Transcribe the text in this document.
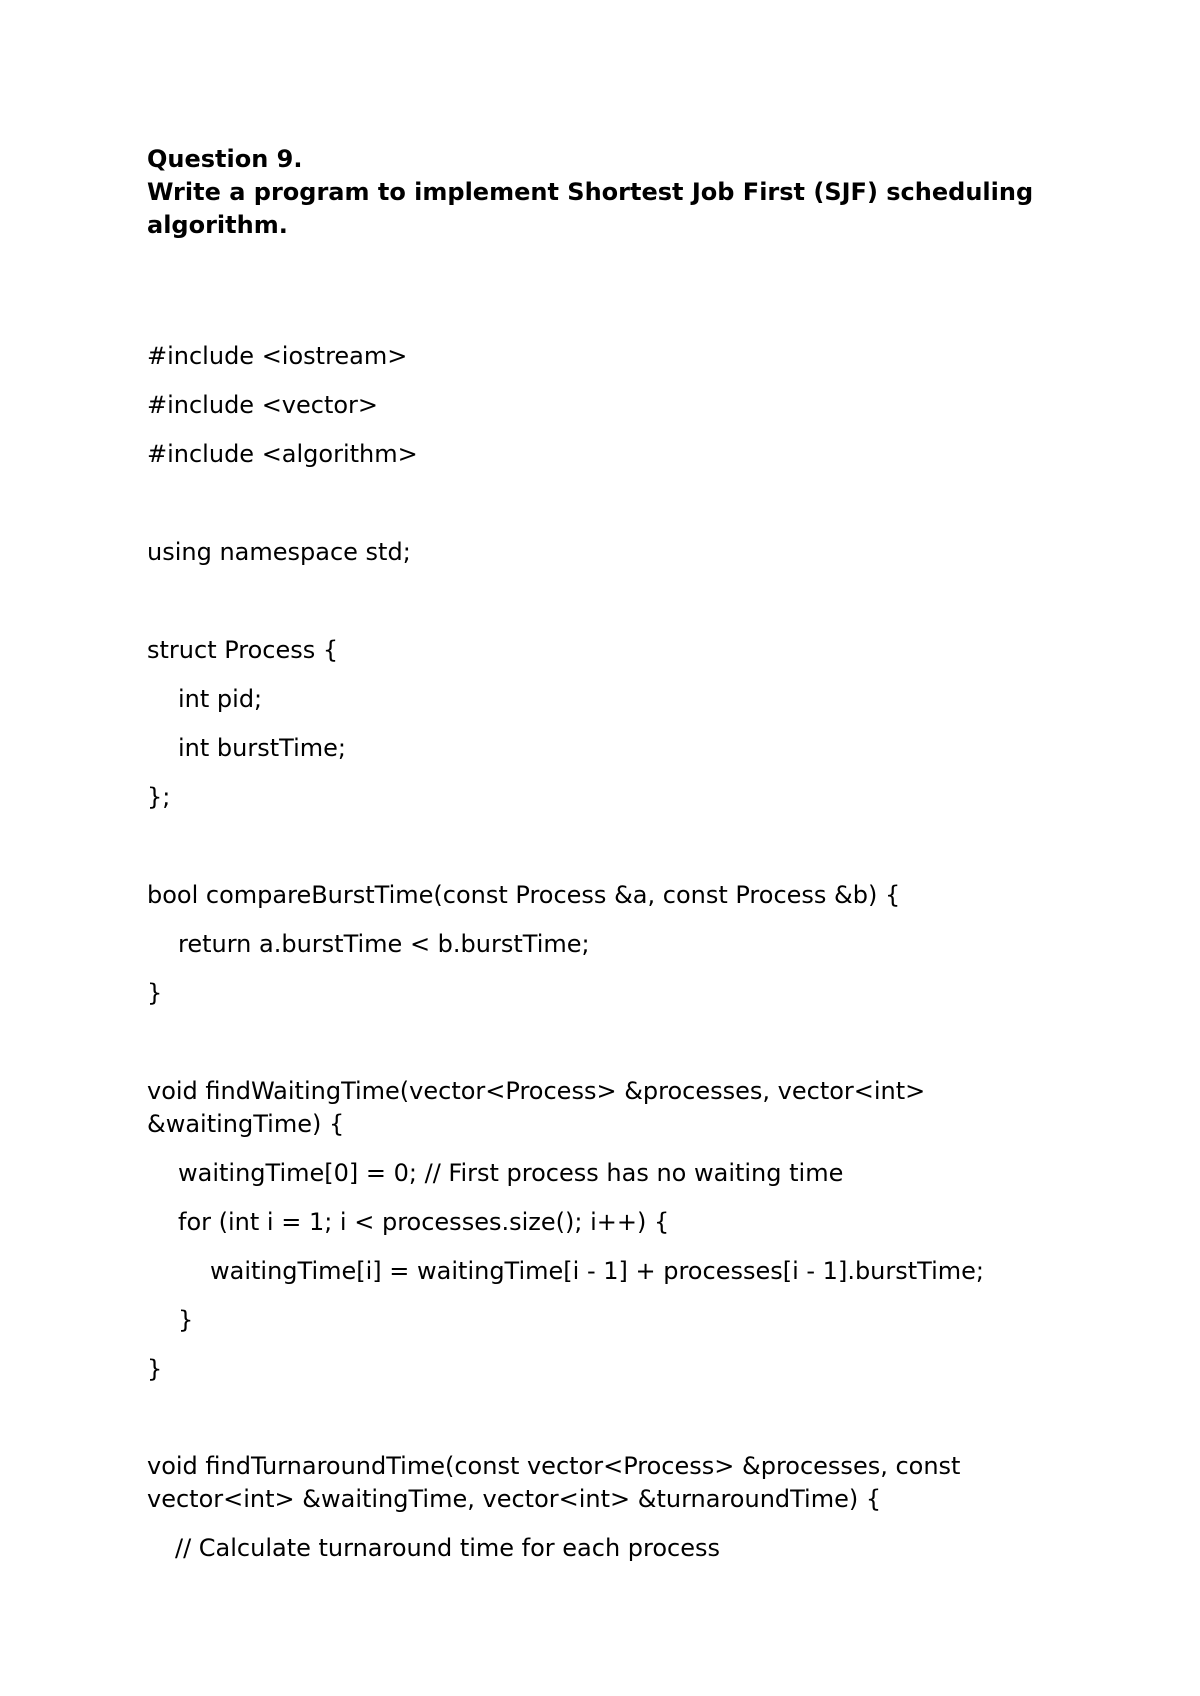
Question 9.
Write a program to implement Shortest Job First (SJF) scheduling
algorithm.
#include <iostream>
#include <vector>
#include <algorithm>
using namespace std;
struct Process {
int pid;
int burstTime;
};
bool compareBurstTime(const Process &a, const Process &b) {
return a.burstTime < b.burstTime;
}
void findWaitingTime(vector<Process> &processes, vector<int>
&waitingTime) {
waitingTime[0] = 0; // First process has no waiting time
for (int i = 1; i < processes.size(); i++) {
waitingTime[i] = waitingTime[i - 1] + processes[i - 1].burstTime;
}
}
void findTurnaroundTime(const vector<Process> &processes, const
vector<int> &waitingTime, vector<int> &turnaroundTime) {
// Calculate turnaround time for each process
